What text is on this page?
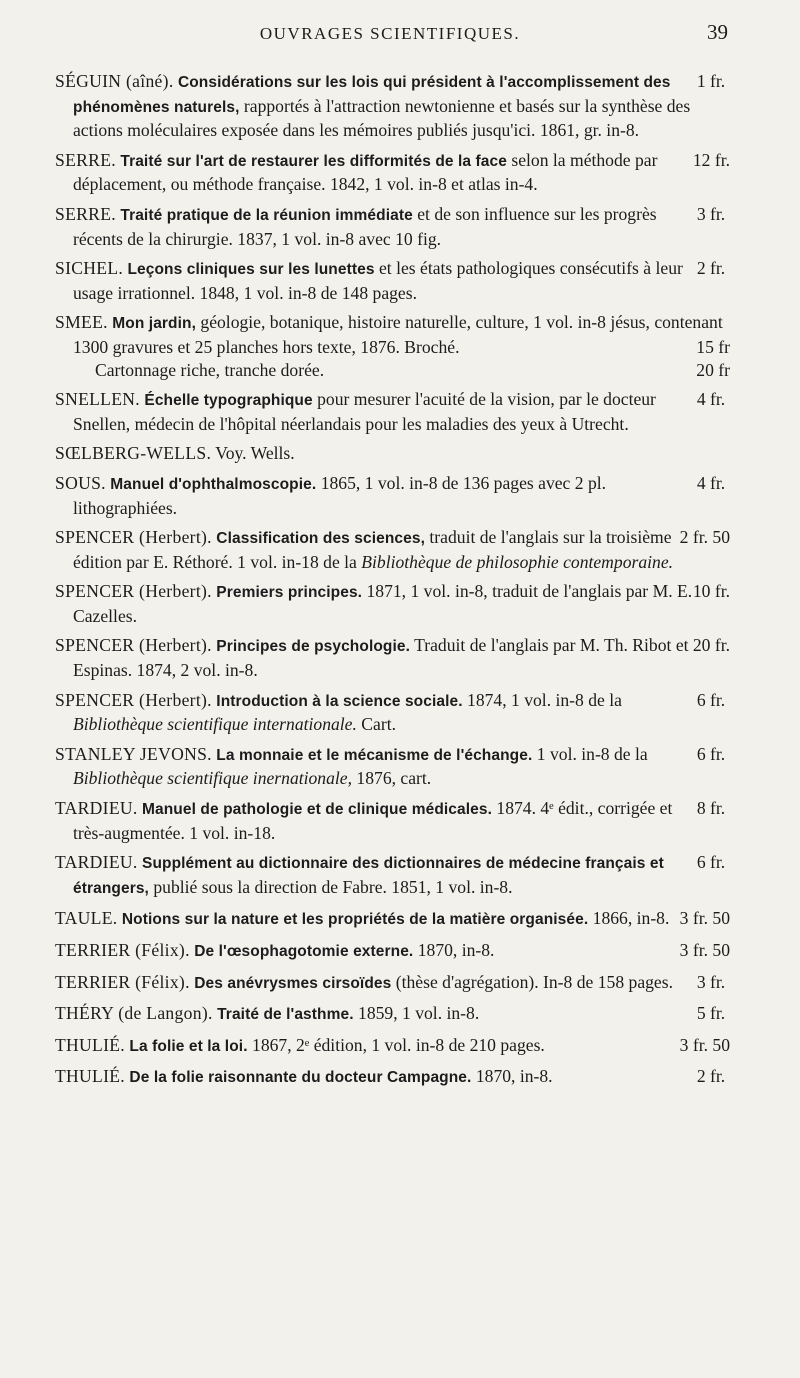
OUVRAGES SCIENTIFIQUES.	39
1 fr.
SÉGUIN (aîné). Considérations sur les lois qui président à l'accomplissement des phénomènes naturels, rapportés à l'attraction newtonienne et basés sur la synthèse des actions moléculaires exposée dans les mémoires publiés jusqu'ici. 1861, gr. in-8.
12 fr.
SERRE. Traité sur l'art de restaurer les difformités de la face selon la méthode par déplacement, ou méthode française. 1842, 1 vol. in-8 et atlas in-4.
3 fr.
SERRE. Traité pratique de la réunion immédiate et de son influence sur les progrès récents de la chirurgie. 1837, 1 vol. in-8 avec 10 fig.
2 fr.
SICHEL. Leçons cliniques sur les lunettes et les états pathologiques consécutifs à leur usage irrationnel. 1848, 1 vol. in-8 de 148 pages.
SMEE. Mon jardin, géologie, botanique, histoire naturelle, culture, 1 vol. in-8 jésus, contenant 1300 gravures et 25 planches hors texte, 1876. Broché.	15 fr
20 fr
Cartonnage riche, tranche dorée.
4 fr.
SNELLEN. Échelle typographique pour mesurer l'acuité de la vision, par le docteur Snellen, médecin de l'hôpital néerlandais pour les maladies des yeux à Utrecht.
SŒLBERG-WELLS. Voy. Wells.
4 fr.
SOUS. Manuel d'ophthalmoscopie. 1865, 1 vol. in-8 de 136 pages avec 2 pl. lithographiées.
2 fr. 50
SPENCER (Herbert). Classification des sciences, traduit de l'anglais sur la troisième édition par E. Réthoré. 1 vol. in-18 de la Bibliothèque de philosophie contemporaine.
10 fr.
SPENCER (Herbert). Premiers principes. 1871, 1 vol. in-8, traduit de l'anglais par M. E. Cazelles.
20 fr.
SPENCER (Herbert). Principes de psychologie. Traduit de l'anglais par M. Th. Ribot et Espinas. 1874, 2 vol. in-8.
6 fr.
SPENCER (Herbert). Introduction à la science sociale. 1874, 1 vol. in-8 de la Bibliothèque scientifique internationale. Cart.
6 fr.
STANLEY JEVONS. La monnaie et le mécanisme de l'échange. 1 vol. in-8 de la Bibliothèque scientifique inernationale, 1876, cart.
8 fr.
TARDIEU. Manuel de pathologie et de clinique médicales. 1874. 4ᵉ édit., corrigée et très-augmentée. 1 vol. in-18.
6 fr.
TARDIEU. Supplément au dictionnaire des dictionnaires de médecine français et étrangers, publié sous la direction de Fabre. 1851, 1 vol. in-8.
3 fr. 50
TAULE. Notions sur la nature et les propriétés de la matière organisée. 1866, in-8.
3 fr. 50
TERRIER (Félix). De l'œsophagotomie externe. 1870, in-8.
3 fr.
TERRIER (Félix). Des anévrysmes cirsoïdes (thèse d'agrégation). In-8 de 158 pages.
5 fr.
THÉRY (de Langon). Traité de l'asthme. 1859, 1 vol. in-8.
3 fr. 50
THULIÉ. La folie et la loi. 1867, 2ᵉ édition, 1 vol. in-8 de 210 pages.
2 fr.
THULIÉ. De la folie raisonnante du docteur Campagne. 1870, in-8.
